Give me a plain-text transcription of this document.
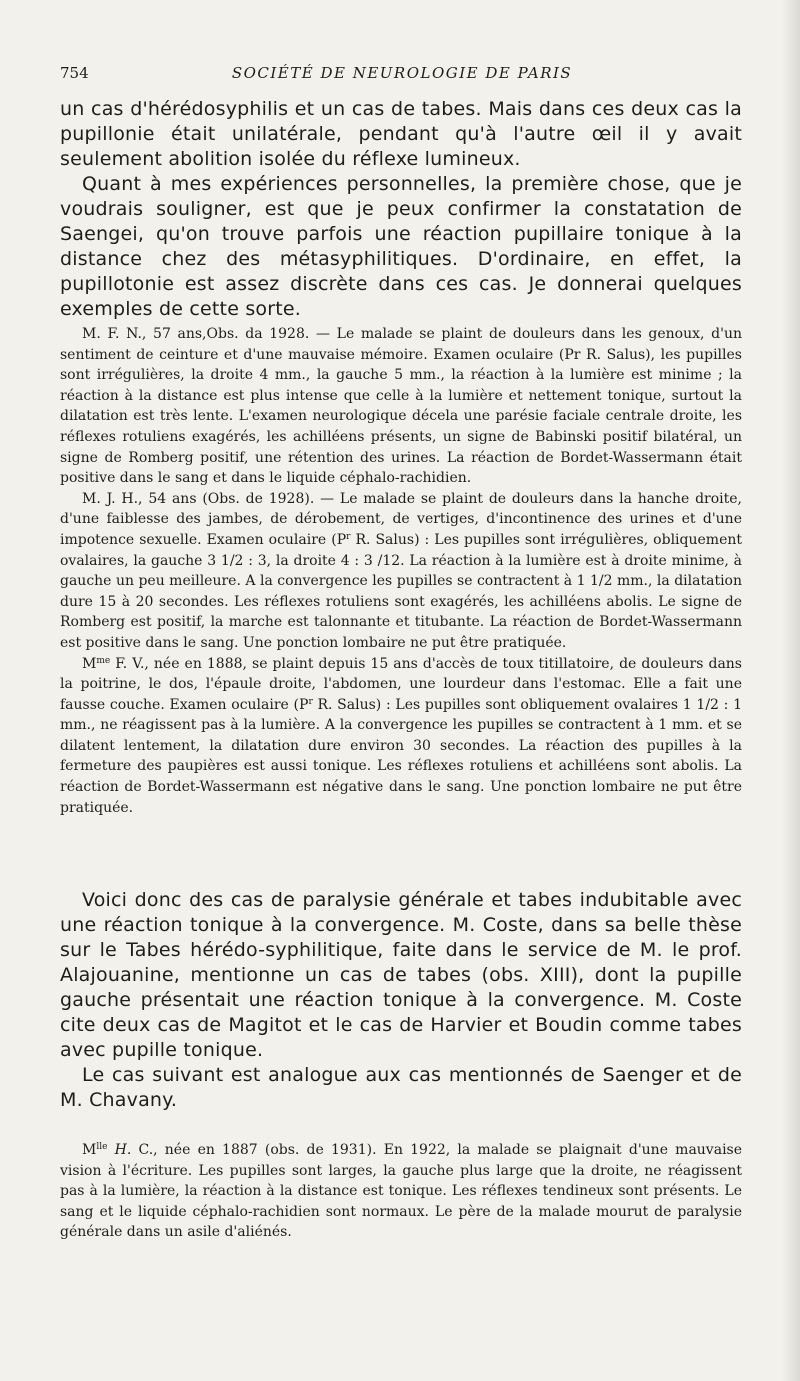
754	SOCIÉTÉ DE NEUROLOGIE DE PARIS

un cas d'hérédosyphilis et un cas de tabes. Mais dans ces deux cas la pupillonie était unilatérale, pendant qu'à l'autre œil il y avait seulement abolition isolée du réflexe lumineux.

Quant à mes expériences personnelles, la première chose, que je voudrais souligner, est que je peux confirmer la constatation de Saengei, qu'on trouve parfois une réaction pupillaire tonique à la distance chez des métasyphilitiques. D'ordinaire, en effet, la pupillotonie est assez discrète dans ces cas. Je donnerai quelques exemples de cette sorte.

M. F. N., 57 ans,Obs. da 1928. — Le malade se plaint de douleurs dans les genoux, d'un sentiment de ceinture et d'une mauvaise mémoire. Examen oculaire (Pr R. Salus), les pupilles sont irrégulières, la droite 4 mm., la gauche 5 mm., la réaction à la lumière est minime ; la réaction à la distance est plus intense que celle à la lumière et nettement tonique, surtout la dilatation est très lente. L'examen neurologique décela une parésie faciale centrale droite, les réflexes rotuliens exagérés, les achilléens présents, un signe de Babinski positif bilatéral, un signe de Romberg positif, une rétention des urines. La réaction de Bordet-Wassermann était positive dans le sang et dans le liquide céphalo-rachidien.

M. J. H., 54 ans (Obs. de 1928). — Le malade se plaint de douleurs dans la hanche droite, d'une faiblesse des jambes, de dérobement, de vertiges, d'incontinence des urines et d'une impotence sexuelle. Examen oculaire ($P^r$ R. Salus) : Les pupilles sont irrégulières, obliquement ovalaires, la gauche 3 1/2 : 3, la droite 4 : 3 /12. La réaction à la lumière est à droite minime, à gauche un peu meilleure. A la convergence les pupilles se contractent à 1 1/2 mm., la dilatation dure 15 à 20 secondes. Les réflexes rotuliens sont exagérés, les achilléens abolis. Le signe de Romberg est positif, la marche est talonnante et titubante. La réaction de Bordet-Wassermann est positive dans le sang. Une ponction lombaire ne put être pratiquée.

$M^{me}$ F. V., née en 1888, se plaint depuis 15 ans d'accès de toux titillatoire, de douleurs dans la poitrine, le dos, l'épaule droite, l'abdomen, une lourdeur dans l'estomac. Elle a fait une fausse couche. Examen oculaire ($P^r$ R. Salus) : Les pupilles sont obliquement ovalaires 1 1/2 : 1 mm., ne réagissent pas à la lumière. A la convergence les pupilles se contractent à 1 mm. et se dilatent lentement, la dilatation dure environ 30 secondes. La réaction des pupilles à la fermeture des paupières est aussi tonique. Les réflexes rotuliens et achilléens sont abolis. La réaction de Bordet-Wassermann est négative dans le sang. Une ponction lombaire ne put être pratiquée.

Voici donc des cas de paralysie générale et tabes indubitable avec une réaction tonique à la convergence. M. Coste, dans sa belle thèse sur le Tabes hérédo-syphilitique, faite dans le service de M. le prof. Alajouanine, mentionne un cas de tabes (obs. XIII), dont la pupille gauche présentait une réaction tonique à la convergence. M. Coste cite deux cas de Magitot et le cas de Harvier et Boudin comme tabes avec pupille tonique.

Le cas suivant est analogue aux cas mentionnés de Saenger et de M. Chavany.

$M^{lle}$ H. C., née en 1887 (obs. de 1931). En 1922, la malade se plaignait d'une mauvaise vision à l'écriture. Les pupilles sont larges, la gauche plus large que la droite, ne réagissent pas à la lumière, la réaction à la distance est tonique. Les réflexes tendineux sont présents. Le sang et le liquide céphalo-rachidien sont normaux. Le père de la malade mourut de paralysie générale dans un asile d'aliénés.
